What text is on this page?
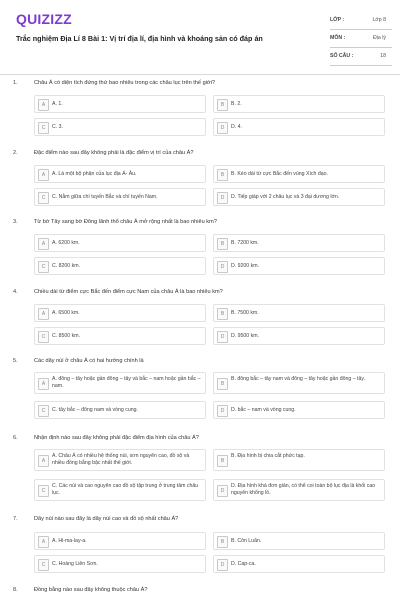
QUIZIZZ
Trắc nghiệm Địa Lí 8 Bài 1: Vị trí địa lí, địa hình và khoáng sản có đáp án
LỚP :	Lớp 8
MÔN :	Địa lý
SỐ CÂU :	18
1.	Châu Á có diện tích đứng thứ bao nhiêu trong các châu lục trên thế giới?
A	A. 1.	B	B. 2.
C	C. 3.	D	D. 4.
2.	Đặc điểm nào sau đây không phải là đặc điểm vị trí của châu Á?
A	A. Là một bộ phận của lục địa Á- Âu.	B	B. Kéo dài từ cực Bắc đến vùng Xích đạo.
C	C. Nằm giữa chí tuyến Bắc và chí tuyến Nam.	D	D. Tiếp giáp với 2 châu lục và 3 đại dương lớn.
3.	Từ bờ Tây sang bờ Đông lãnh thổ châu Á mở rộng nhất là bao nhiêu km?
A	A. 6200 km.	B	B. 7200 km.
C	C. 8200 km.	D	D. 9200 km.
4.	Chiều dài từ điểm cực Bắc đến điểm cực Nam của châu Á là bao nhiêu km?
A	A. 6500 km.	B	B. 7500 km.
C	C. 8500 km.	D	D. 9500 km.
5.	Các dãy núi ở châu Á có hai hướng chính là
A
A. đông – tây hoặc gần đông – tây và bắc – nam hoặc gần bắc – nam.	B
B. đông bắc – tây nam và đông – tây hoặc gần đông – tây.
C	C. tây bắc – đông nam và vòng cung.	D	D. bắc – nam và vòng cung.
6.	Nhận định nào sau đây không phải đặc điểm địa hình của châu Á?
A
A. Châu Á có nhiều hệ thống núi, sơn nguyên cao, đồ sộ và nhiều đồng bằng bậc nhất thế giới.	B
B. Địa hình bị chia cắt phức tạp.
C
C. Các núi và cao nguyên cao đồ sộ tập trung ở trung tâm châu lục.	D
D. Địa hình khá đơn giản, có thể coi toàn bộ lục địa là khối cao nguyên khổng lồ.
7.	Dãy núi nào sau đây là dãy núi cao và đồ sộ nhất châu Á?
A	A. Hi-ma-lay-a.	B	B. Côn Luân.
C	C. Hoàng Liên Sơn.	D	D. Cap-ca.
8.	Đồng bằng nào sau đây không thuộc châu Á?
